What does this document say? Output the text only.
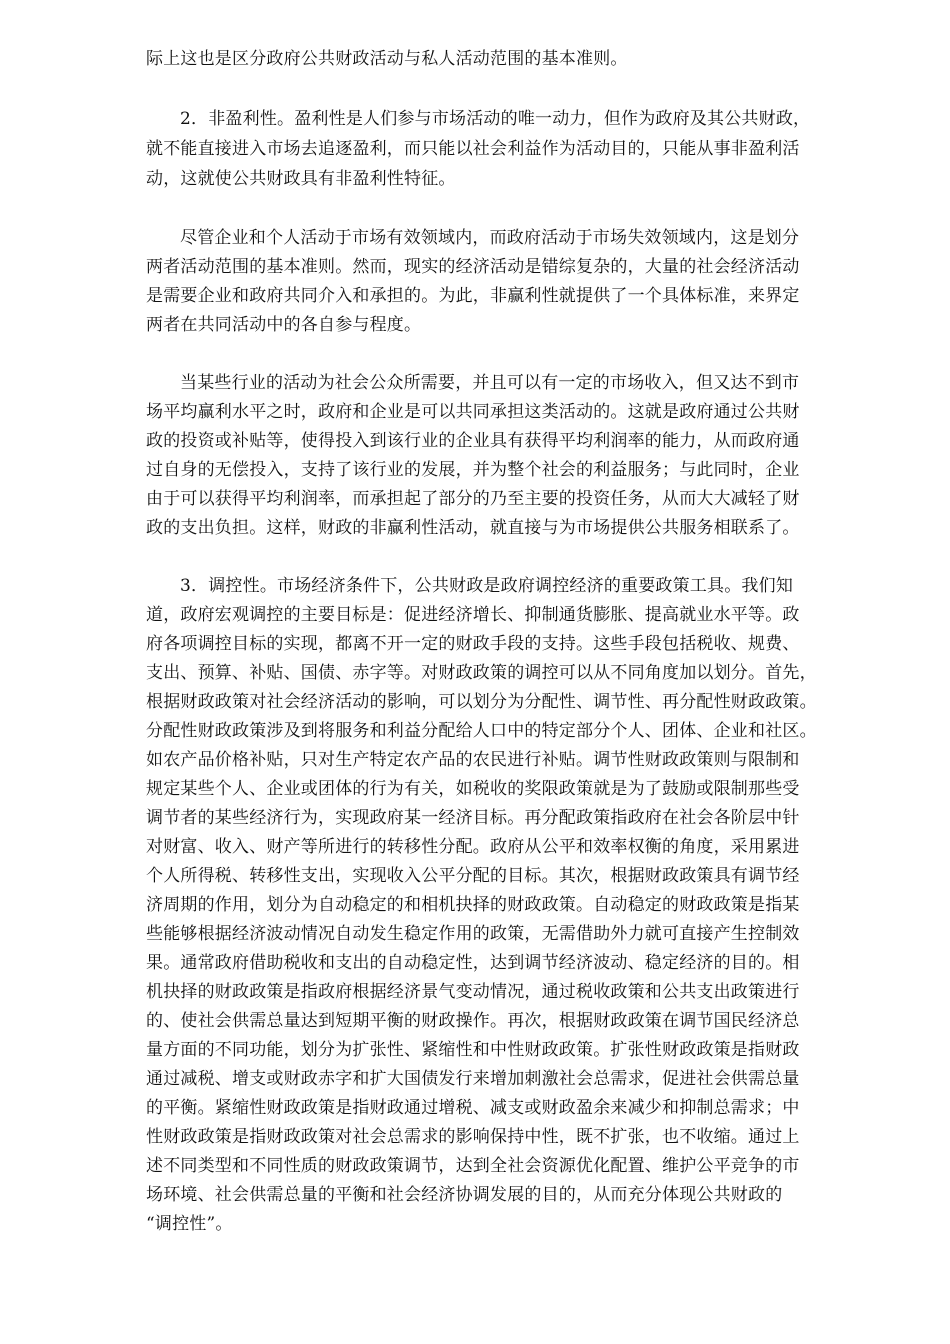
际上这也是区分政府公共财政活动与私人活动范围的基本准则。
2．非盈利性。盈利性是人们参与市场活动的唯一动力，但作为政府及其公共财政，
就不能直接进入市场去追逐盈利，而只能以社会利益作为活动目的，只能从事非盈利活
动，这就使公共财政具有非盈利性特征。
尽管企业和个人活动于市场有效领域内，而政府活动于市场失效领域内，这是划分
两者活动范围的基本准则。然而，现实的经济活动是错综复杂的，大量的社会经济活动
是需要企业和政府共同介入和承担的。为此，非赢利性就提供了一个具体标准，来界定
两者在共同活动中的各自参与程度。
当某些行业的活动为社会公众所需要，并且可以有一定的市场收入，但又达不到市
场平均赢利水平之时，政府和企业是可以共同承担这类活动的。这就是政府通过公共财
政的投资或补贴等，使得投入到该行业的企业具有获得平均利润率的能力，从而政府通
过自身的无偿投入，支持了该行业的发展，并为整个社会的利益服务；与此同时，企业
由于可以获得平均利润率，而承担起了部分的乃至主要的投资任务，从而大大减轻了财
政的支出负担。这样，财政的非赢利性活动，就直接与为市场提供公共服务相联系了。
3．调控性。市场经济条件下，公共财政是政府调控经济的重要政策工具。我们知
道，政府宏观调控的主要目标是：促进经济增长、抑制通货膨胀、提高就业水平等。政
府各项调控目标的实现，都离不开一定的财政手段的支持。这些手段包括税收、规费、
支出、预算、补贴、国债、赤字等。对财政政策的调控可以从不同角度加以划分。首先，
根据财政政策对社会经济活动的影响，可以划分为分配性、调节性、再分配性财政政策。
分配性财政政策涉及到将服务和利益分配给人口中的特定部分个人、团体、企业和社区。
如农产品价格补贴，只对生产特定农产品的农民进行补贴。调节性财政政策则与限制和
规定某些个人、企业或团体的行为有关，如税收的奖限政策就是为了鼓励或限制那些受
调节者的某些经济行为，实现政府某一经济目标。再分配政策指政府在社会各阶层中针
对财富、收入、财产等所进行的转移性分配。政府从公平和效率权衡的角度，采用累进
个人所得税、转移性支出，实现收入公平分配的目标。其次，根据财政政策具有调节经
济周期的作用，划分为自动稳定的和相机抉择的财政政策。自动稳定的财政政策是指某
些能够根据经济波动情况自动发生稳定作用的政策，无需借助外力就可直接产生控制效
果。通常政府借助税收和支出的自动稳定性，达到调节经济波动、稳定经济的目的。相
机抉择的财政政策是指政府根据经济景气变动情况，通过税收政策和公共支出政策进行
的、使社会供需总量达到短期平衡的财政操作。再次，根据财政政策在调节国民经济总
量方面的不同功能，划分为扩张性、紧缩性和中性财政政策。扩张性财政政策是指财政
通过减税、增支或财政赤字和扩大国债发行来增加刺激社会总需求，促进社会供需总量
的平衡。紧缩性财政政策是指财政通过增税、减支或财政盈余来减少和抑制总需求；中
性财政政策是指财政政策对社会总需求的影响保持中性，既不扩张，也不收缩。通过上
述不同类型和不同性质的财政政策调节，达到全社会资源优化配置、维护公平竞争的市
场环境、社会供需总量的平衡和社会经济协调发展的目的，从而充分体现公共财政的
“调控性”。
